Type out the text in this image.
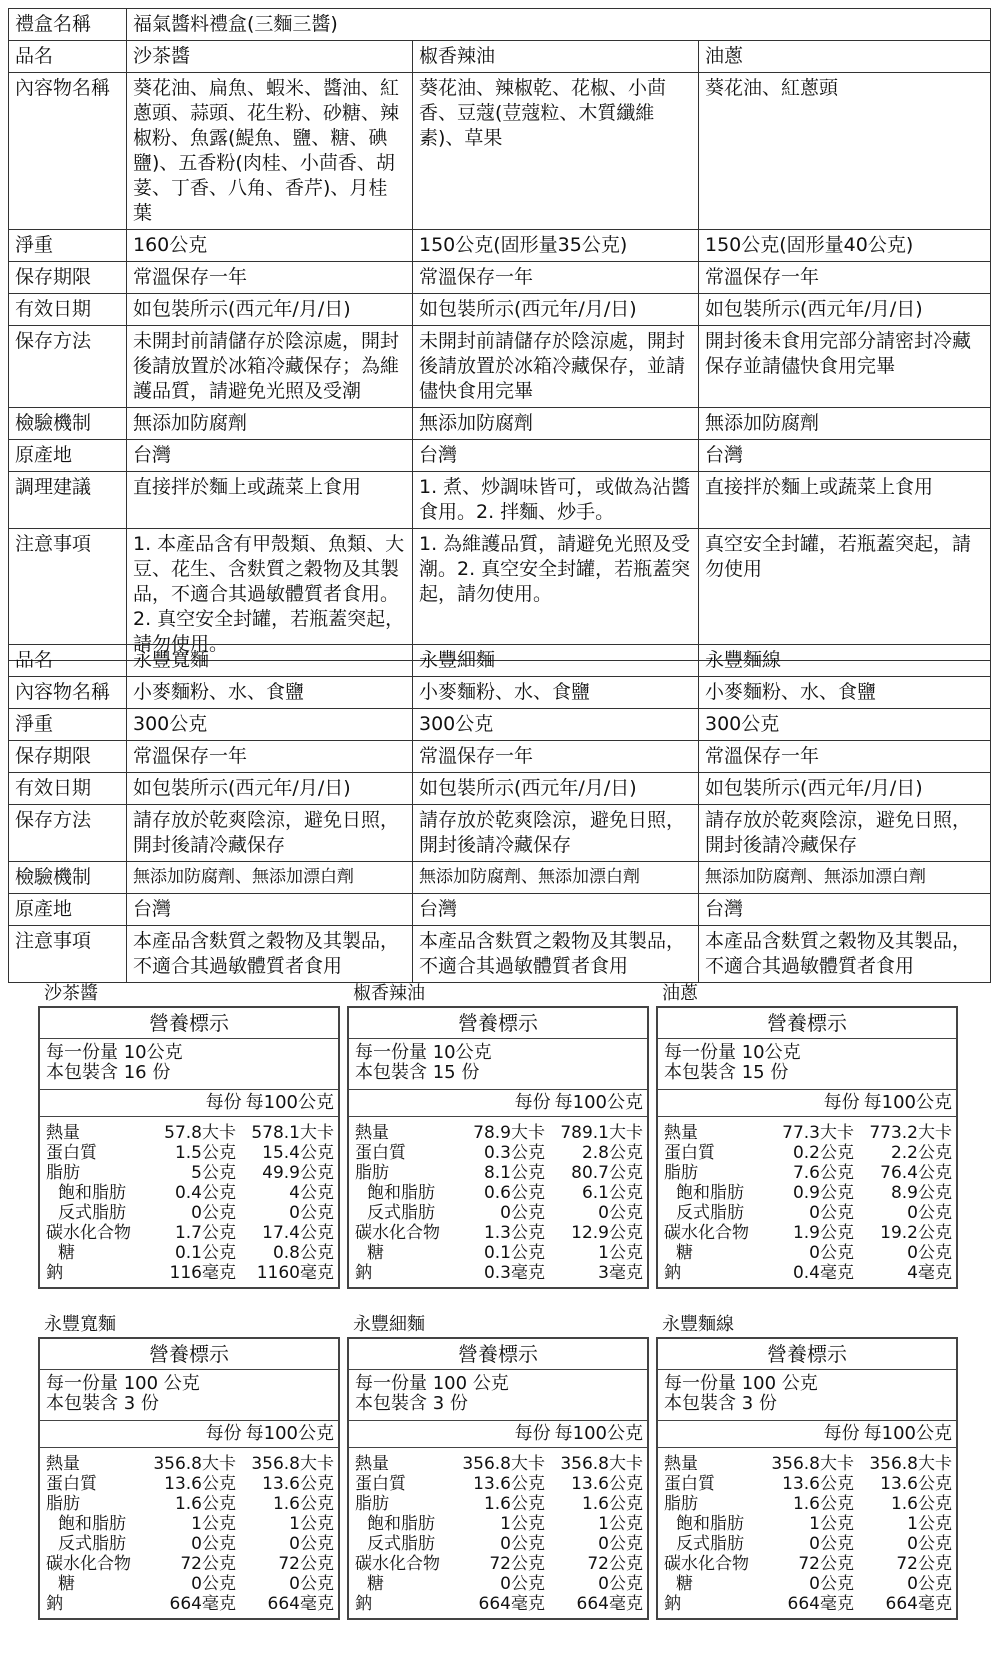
禮盒名稱	福氣醬料禮盒(三麵三醬)		
品名	沙茶醬	椒香辣油	油蔥
內容物名稱	葵花油、扁魚、蝦米、醬油、紅蔥頭、蒜頭、花生粉、砂糖、辣椒粉、魚露(鯷魚、鹽、糖、碘鹽)、五香粉(肉桂、小茴香、胡荽、丁香、八角、香芹)、月桂葉	葵花油、辣椒乾、花椒、小茴香、豆蔻(荳蔻粒、木質纖維素)、草果	葵花油、紅蔥頭
淨重	160公克	150公克(固形量35公克)	150公克(固形量40公克)
保存期限	常溫保存一年	常溫保存一年	常溫保存一年
有效日期	如包裝所示(西元年/月/日)	如包裝所示(西元年/月/日)	如包裝所示(西元年/月/日)
保存方法	未開封前請儲存於陰涼處，開封後請放置於冰箱冷藏保存；為維護品質，請避免光照及受潮	未開封前請儲存於陰涼處，開封後請放置於冰箱冷藏保存，並請儘快食用完畢	開封後未食用完部分請密封冷藏保存並請儘快食用完畢
檢驗機制	無添加防腐劑	無添加防腐劑	無添加防腐劑
原產地	台灣	台灣	台灣
調理建議	直接拌於麵上或蔬菜上食用	1. 煮、炒調味皆可，或做為沾醬食用。2. 拌麵、炒手。	直接拌於麵上或蔬菜上食用
注意事項	1. 本產品含有甲殼類、魚類、大豆、花生、含麩質之穀物及其製品，不適合其過敏體質者食用。2. 真空安全封罐，若瓶蓋突起，請勿使用。	1. 為維護品質，請避免光照及受潮。2. 真空安全封罐，若瓶蓋突起，請勿使用。	真空安全封罐，若瓶蓋突起，請勿使用
品名	永豐寬麵	永豐細麵	永豐麵線
內容物名稱	小麥麵粉、水、食鹽	小麥麵粉、水、食鹽	小麥麵粉、水、食鹽
淨重	300公克	300公克	300公克
保存期限	常溫保存一年	常溫保存一年	常溫保存一年
有效日期	如包裝所示(西元年/月/日)	如包裝所示(西元年/月/日)	如包裝所示(西元年/月/日)
保存方法	請存放於乾爽陰涼，避免日照，開封後請冷藏保存	請存放於乾爽陰涼，避免日照，開封後請冷藏保存	請存放於乾爽陰涼，避免日照，開封後請冷藏保存
檢驗機制	無添加防腐劑、無添加漂白劑	無添加防腐劑、無添加漂白劑	無添加防腐劑、無添加漂白劑
原產地	台灣	台灣	台灣
注意事項	本產品含麩質之穀物及其製品，不適合其過敏體質者食用	本產品含麩質之穀物及其製品，不適合其過敏體質者食用	本產品含麩質之穀物及其製品，不適合其過敏體質者食用
沙茶醬
營養標示
每一份量 10公克
本包裝含 16 份
每份 每100公克
熱量	57.8大卡 578.1大卡
蛋白質	1.5公克	15.4公克
脂肪	5公克	49.9公克
飽和脂肪	0.4公克	4公克
反式脂肪	0公克	0公克
碳水化合物	1.7公克	17.4公克
糖	0.1公克	0.8公克
鈉	116毫克	1160毫克
椒香辣油
營養標示
每一份量 10公克
本包裝含 15 份
每份 每100公克
熱量	78.9大卡 789.1大卡
蛋白質	0.3公克	2.8公克
脂肪	8.1公克	80.7公克
飽和脂肪	0.6公克	6.1公克
反式脂肪	0公克	0公克
碳水化合物	1.3公克	12.9公克
糖	0.1公克	1公克
鈉	0.3毫克	3毫克
油蔥
營養標示
每一份量 10公克
本包裝含 15 份
每份 每100公克
熱量	77.3大卡 773.2大卡
蛋白質	0.2公克	2.2公克
脂肪	7.6公克	76.4公克
飽和脂肪	0.9公克	8.9公克
反式脂肪	0公克	0公克
碳水化合物	1.9公克	19.2公克
糖	0公克	0公克
鈉	0.4毫克	4毫克
永豐寬麵
營養標示
每一份量 100 公克
本包裝含 3 份
每份 每100公克
熱量	356.8大卡 356.8大卡
蛋白質	13.6公克	13.6公克
脂肪	1.6公克	1.6公克
飽和脂肪	1公克	1公克
反式脂肪	0公克	0公克
碳水化合物	72公克	72公克
糖	0公克	0公克
鈉	664毫克	664毫克
永豐細麵
營養標示
每一份量 100 公克
本包裝含 3 份
每份 每100公克
熱量	356.8大卡 356.8大卡
蛋白質	13.6公克	13.6公克
脂肪	1.6公克	1.6公克
飽和脂肪	1公克	1公克
反式脂肪	0公克	0公克
碳水化合物	72公克	72公克
糖	0公克	0公克
鈉	664毫克	664毫克
永豐麵線
營養標示
每一份量 100 公克
本包裝含 3 份
每份 每100公克
熱量	356.8大卡 356.8大卡
蛋白質	13.6公克	13.6公克
脂肪	1.6公克	1.6公克
飽和脂肪	1公克	1公克
反式脂肪	0公克	0公克
碳水化合物	72公克	72公克
糖	0公克	0公克
鈉	664毫克	664毫克
